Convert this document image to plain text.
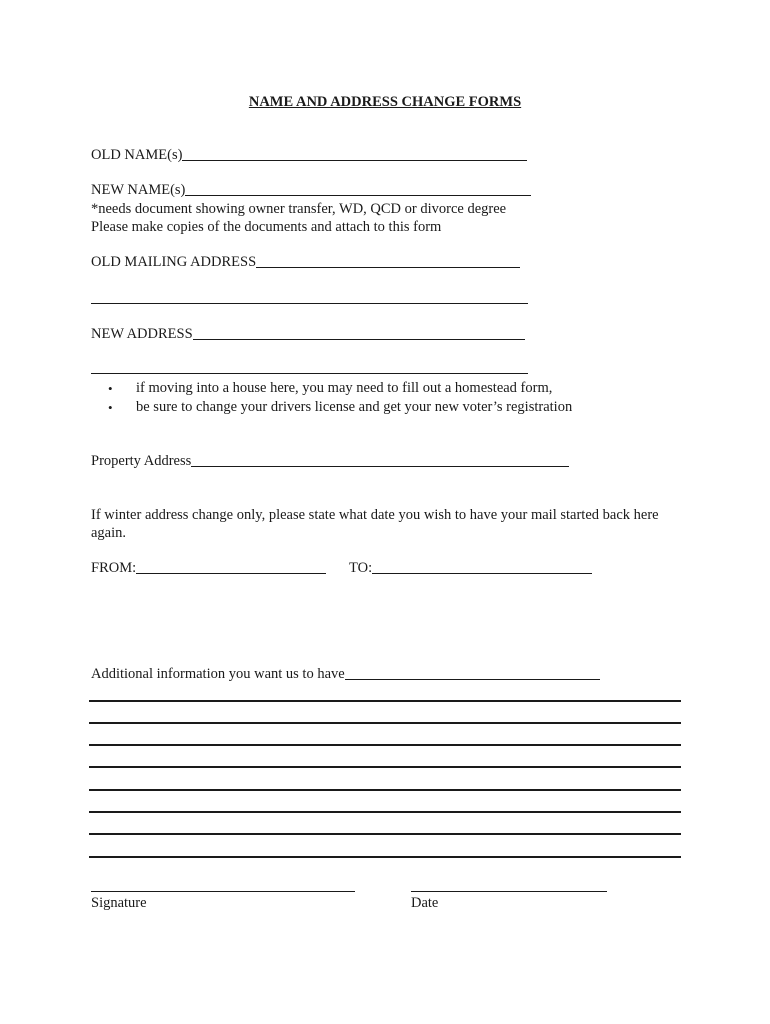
NAME AND ADDRESS CHANGE FORMS
OLD NAME(s)
NEW NAME(s)
*needs document showing owner transfer, WD, QCD or divorce degree
Please make copies of the documents and attach to this form
OLD MAILING ADDRESS
NEW ADDRESS
•	if moving into a house here, you may need to fill out a homestead form,
•	be sure to change your drivers license and get your new voter’s registration
Property Address
If winter address change only, please state what date you wish to have your mail started back here
again.
FROM:	TO:
Additional information you want us to have
Signature	Date
